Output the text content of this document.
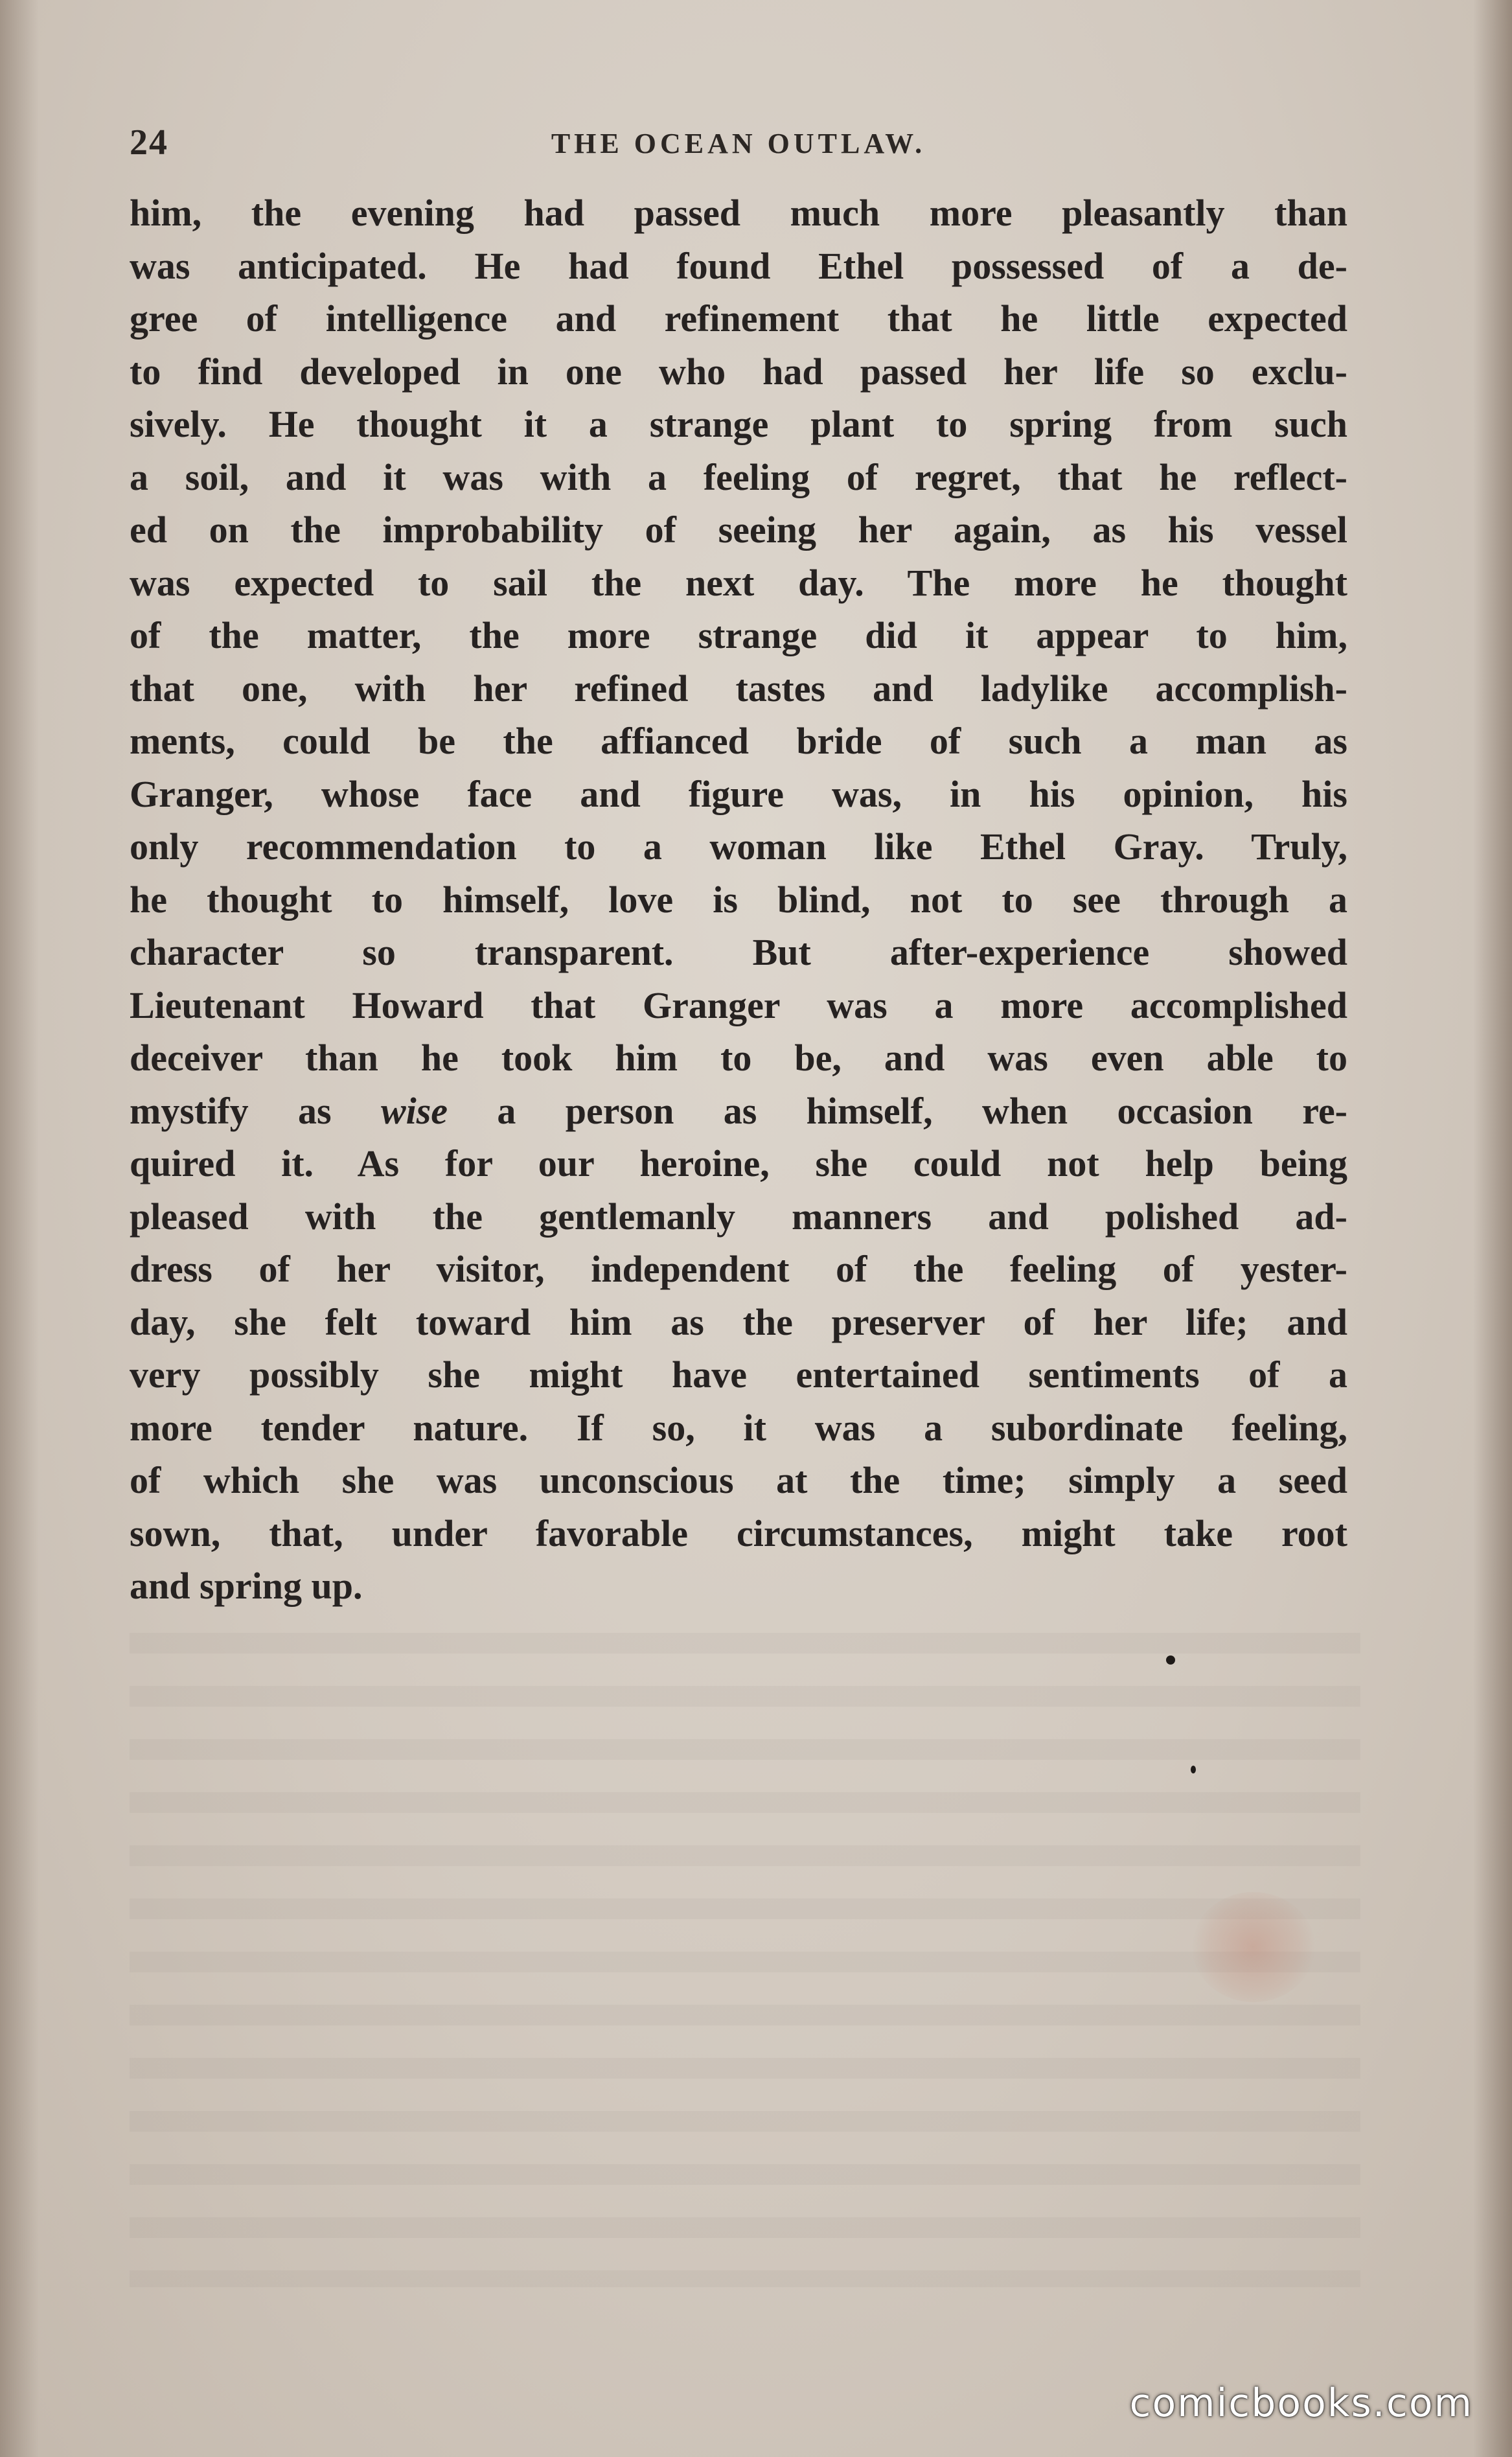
24	THE OCEAN OUTLAW.
him, the evening had passed much more pleasantly than
was anticipated. He had found Ethel possessed of a de-
gree of intelligence and refinement that he little expected
to find developed in one who had passed her life so exclu-
sively. He thought it a strange plant to spring from such
a soil, and it was with a feeling of regret, that he reflect-
ed on the improbability of seeing her again, as his vessel
was expected to sail the next day. The more he thought
of the matter, the more strange did it appear to him,
that one, with her refined tastes and ladylike accomplish-
ments, could be the affianced bride of such a man as
Granger, whose face and figure was, in his opinion, his
only recommendation to a woman like Ethel Gray. Truly,
he thought to himself, love is blind, not to see through a
character so transparent. But after-experience showed
Lieutenant Howard that Granger was a more accomplished
deceiver than he took him to be, and was even able to
mystify as wise a person as himself, when occasion re-
quired it. As for our heroine, she could not help being
pleased with the gentlemanly manners and polished ad-
dress of her visitor, independent of the feeling of yester-
day, she felt toward him as the preserver of her life; and
very possibly she might have entertained sentiments of a
more tender nature. If so, it was a subordinate feeling,
of which she was unconscious at the time; simply a seed
sown, that, under favorable circumstances, might take root
and spring up.
comicbooks.com
